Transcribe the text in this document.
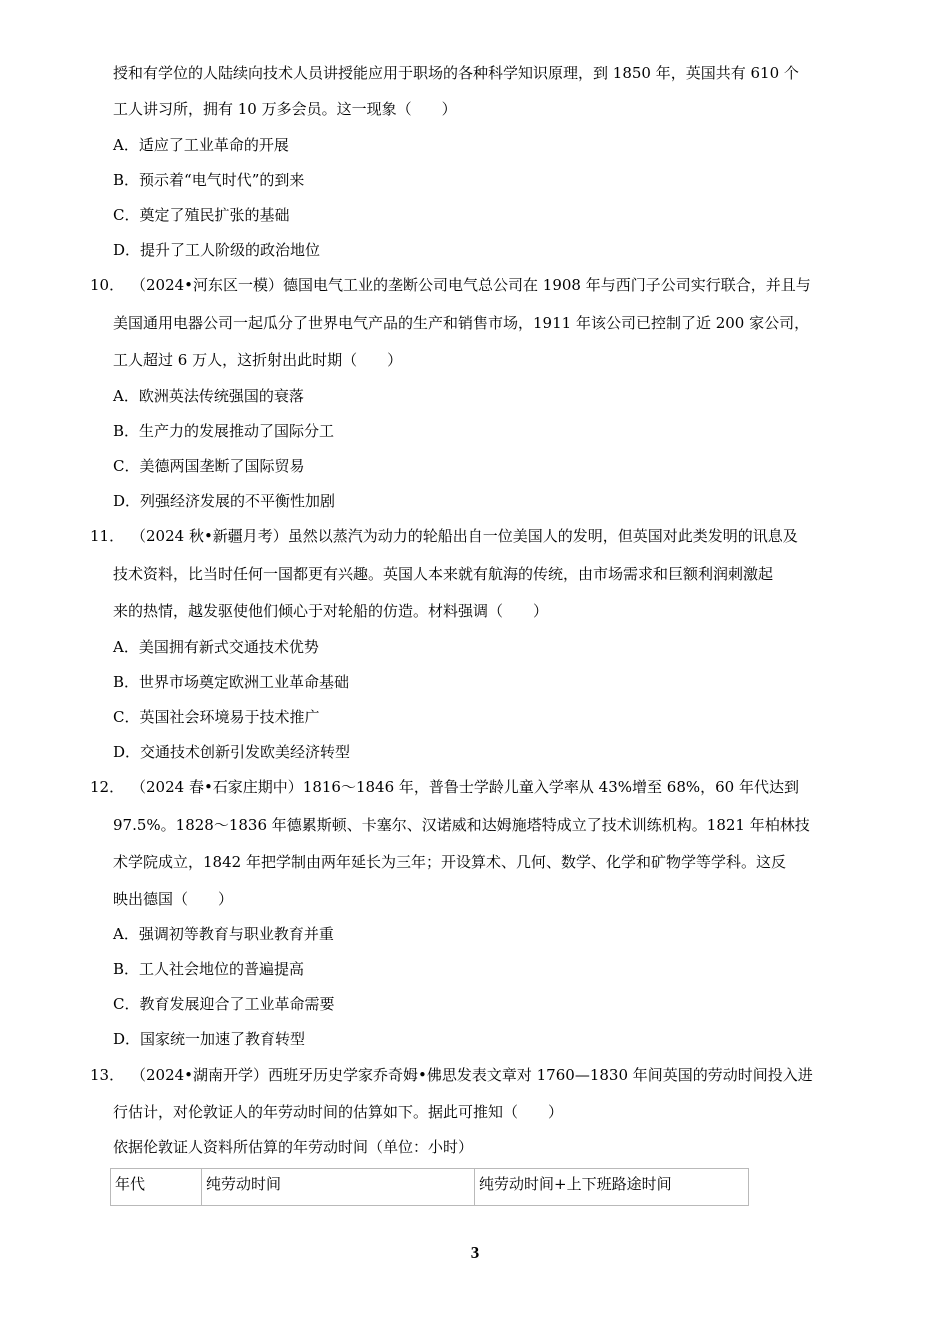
授和有学位的人陆续向技术人员讲授能应用于职场的各种科学知识原理，到 1850 年，英国共有 610 个
工人讲习所，拥有 10 万多会员。这一现象（　　）
A．适应了工业革命的开展
B．预示着“电气时代”的到来
C．奠定了殖民扩张的基础
D．提升了工人阶级的政治地位
10． （2024•河东区一模）德国电气工业的垄断公司电气总公司在 1908 年与西门子公司实行联合，并且与
美国通用电器公司一起瓜分了世界电气产品的生产和销售市场，1911 年该公司已控制了近 200 家公司，
工人超过 6 万人，这折射出此时期（　　）
A．欧洲英法传统强国的衰落
B．生产力的发展推动了国际分工
C．美德两国垄断了国际贸易
D．列强经济发展的不平衡性加剧
11． （2024 秋•新疆月考）虽然以蒸汽为动力的轮船出自一位美国人的发明，但英国对此类发明的讯息及
技术资料，比当时任何一国都更有兴趣。英国人本来就有航海的传统，由市场需求和巨额利润刺激起
来的热情，越发驱使他们倾心于对轮船的仿造。材料强调（　　）
A．美国拥有新式交通技术优势
B．世界市场奠定欧洲工业革命基础
C．英国社会环境易于技术推广
D．交通技术创新引发欧美经济转型
12． （2024 春•石家庄期中）1816～1846 年，普鲁士学龄儿童入学率从 43%增至 68%，60 年代达到
97.5%。1828～1836 年德累斯顿、卡塞尔、汉诺威和达姆施塔特成立了技术训练机构。1821 年柏林技
术学院成立，1842 年把学制由两年延长为三年；开设算术、几何、数学、化学和矿物学等学科。这反
映出德国（　　）
A．强调初等教育与职业教育并重
B．工人社会地位的普遍提高
C．教育发展迎合了工业革命需要
D．国家统一加速了教育转型
13． （2024•湖南开学）西班牙历史学家乔奇姆•佛思发表文章对 1760—1830 年间英国的劳动时间投入进
行估计，对伦敦证人的年劳动时间的估算如下。据此可推知（　　）
依据伦敦证人资料所估算的年劳动时间（单位：小时）
年代	纯劳动时间	纯劳动时间+上下班路途时间
3
